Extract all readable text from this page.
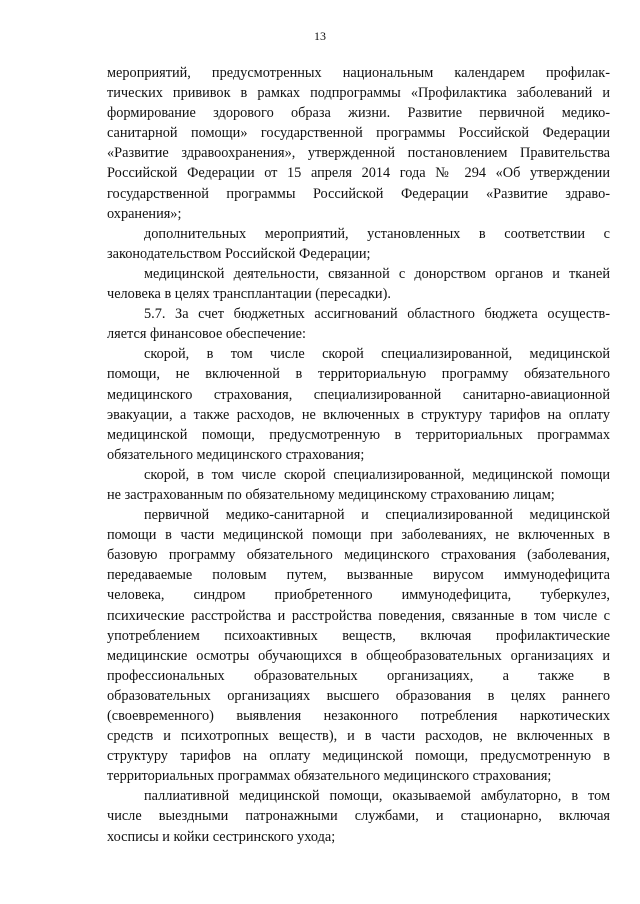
13
мероприятий, предусмотренных национальным календарем профилак-
тических прививок в рамках подпрограммы «Профилактика заболеваний и
формирование здорового образа жизни. Развитие первичной медико-
санитарной помощи» государственной программы Российской Федерации
«Развитие здравоохранения», утвержденной постановлением Правительства
Российской Федерации от 15 апреля 2014 года № 294 «Об утверждении
государственной программы Российской Федерации «Развитие здраво-
охранения»;
дополнительных мероприятий, установленных в соответствии с
законодательством Российской Федерации;
медицинской деятельности, связанной с донорством органов и тканей
человека в целях трансплантации (пересадки).
5.7. За счет бюджетных ассигнований областного бюджета осуществ-
ляется финансовое обеспечение:
скорой, в том числе скорой специализированной, медицинской
помощи, не включенной в территориальную программу обязательного
медицинского страхования, специализированной санитарно-авиационной
эвакуации, а также расходов, не включенных в структуру тарифов на оплату
медицинской помощи, предусмотренную в территориальных программах
обязательного медицинского страхования;
скорой, в том числе скорой специализированной, медицинской помощи
не застрахованным по обязательному медицинскому страхованию лицам;
первичной медико-санитарной и специализированной медицинской
помощи в части медицинской помощи при заболеваниях, не включенных в
базовую программу обязательного медицинского страхования (заболевания,
передаваемые половым путем, вызванные вирусом иммунодефицита
человека, синдром приобретенного иммунодефицита, туберкулез,
психические расстройства и расстройства поведения, связанные в том числе с
употреблением психоактивных веществ, включая профилактические
медицинские осмотры обучающихся в общеобразовательных организациях и
профессиональных образовательных организациях, а также в
образовательных организациях высшего образования в целях раннего
(своевременного) выявления незаконного потребления наркотических
средств и психотропных веществ), и в части расходов, не включенных в
структуру тарифов на оплату медицинской помощи, предусмотренную в
территориальных программах обязательного медицинского страхования;
паллиативной медицинской помощи, оказываемой амбулаторно, в том
числе выездными патронажными службами, и стационарно, включая
хосписы и койки сестринского ухода;
